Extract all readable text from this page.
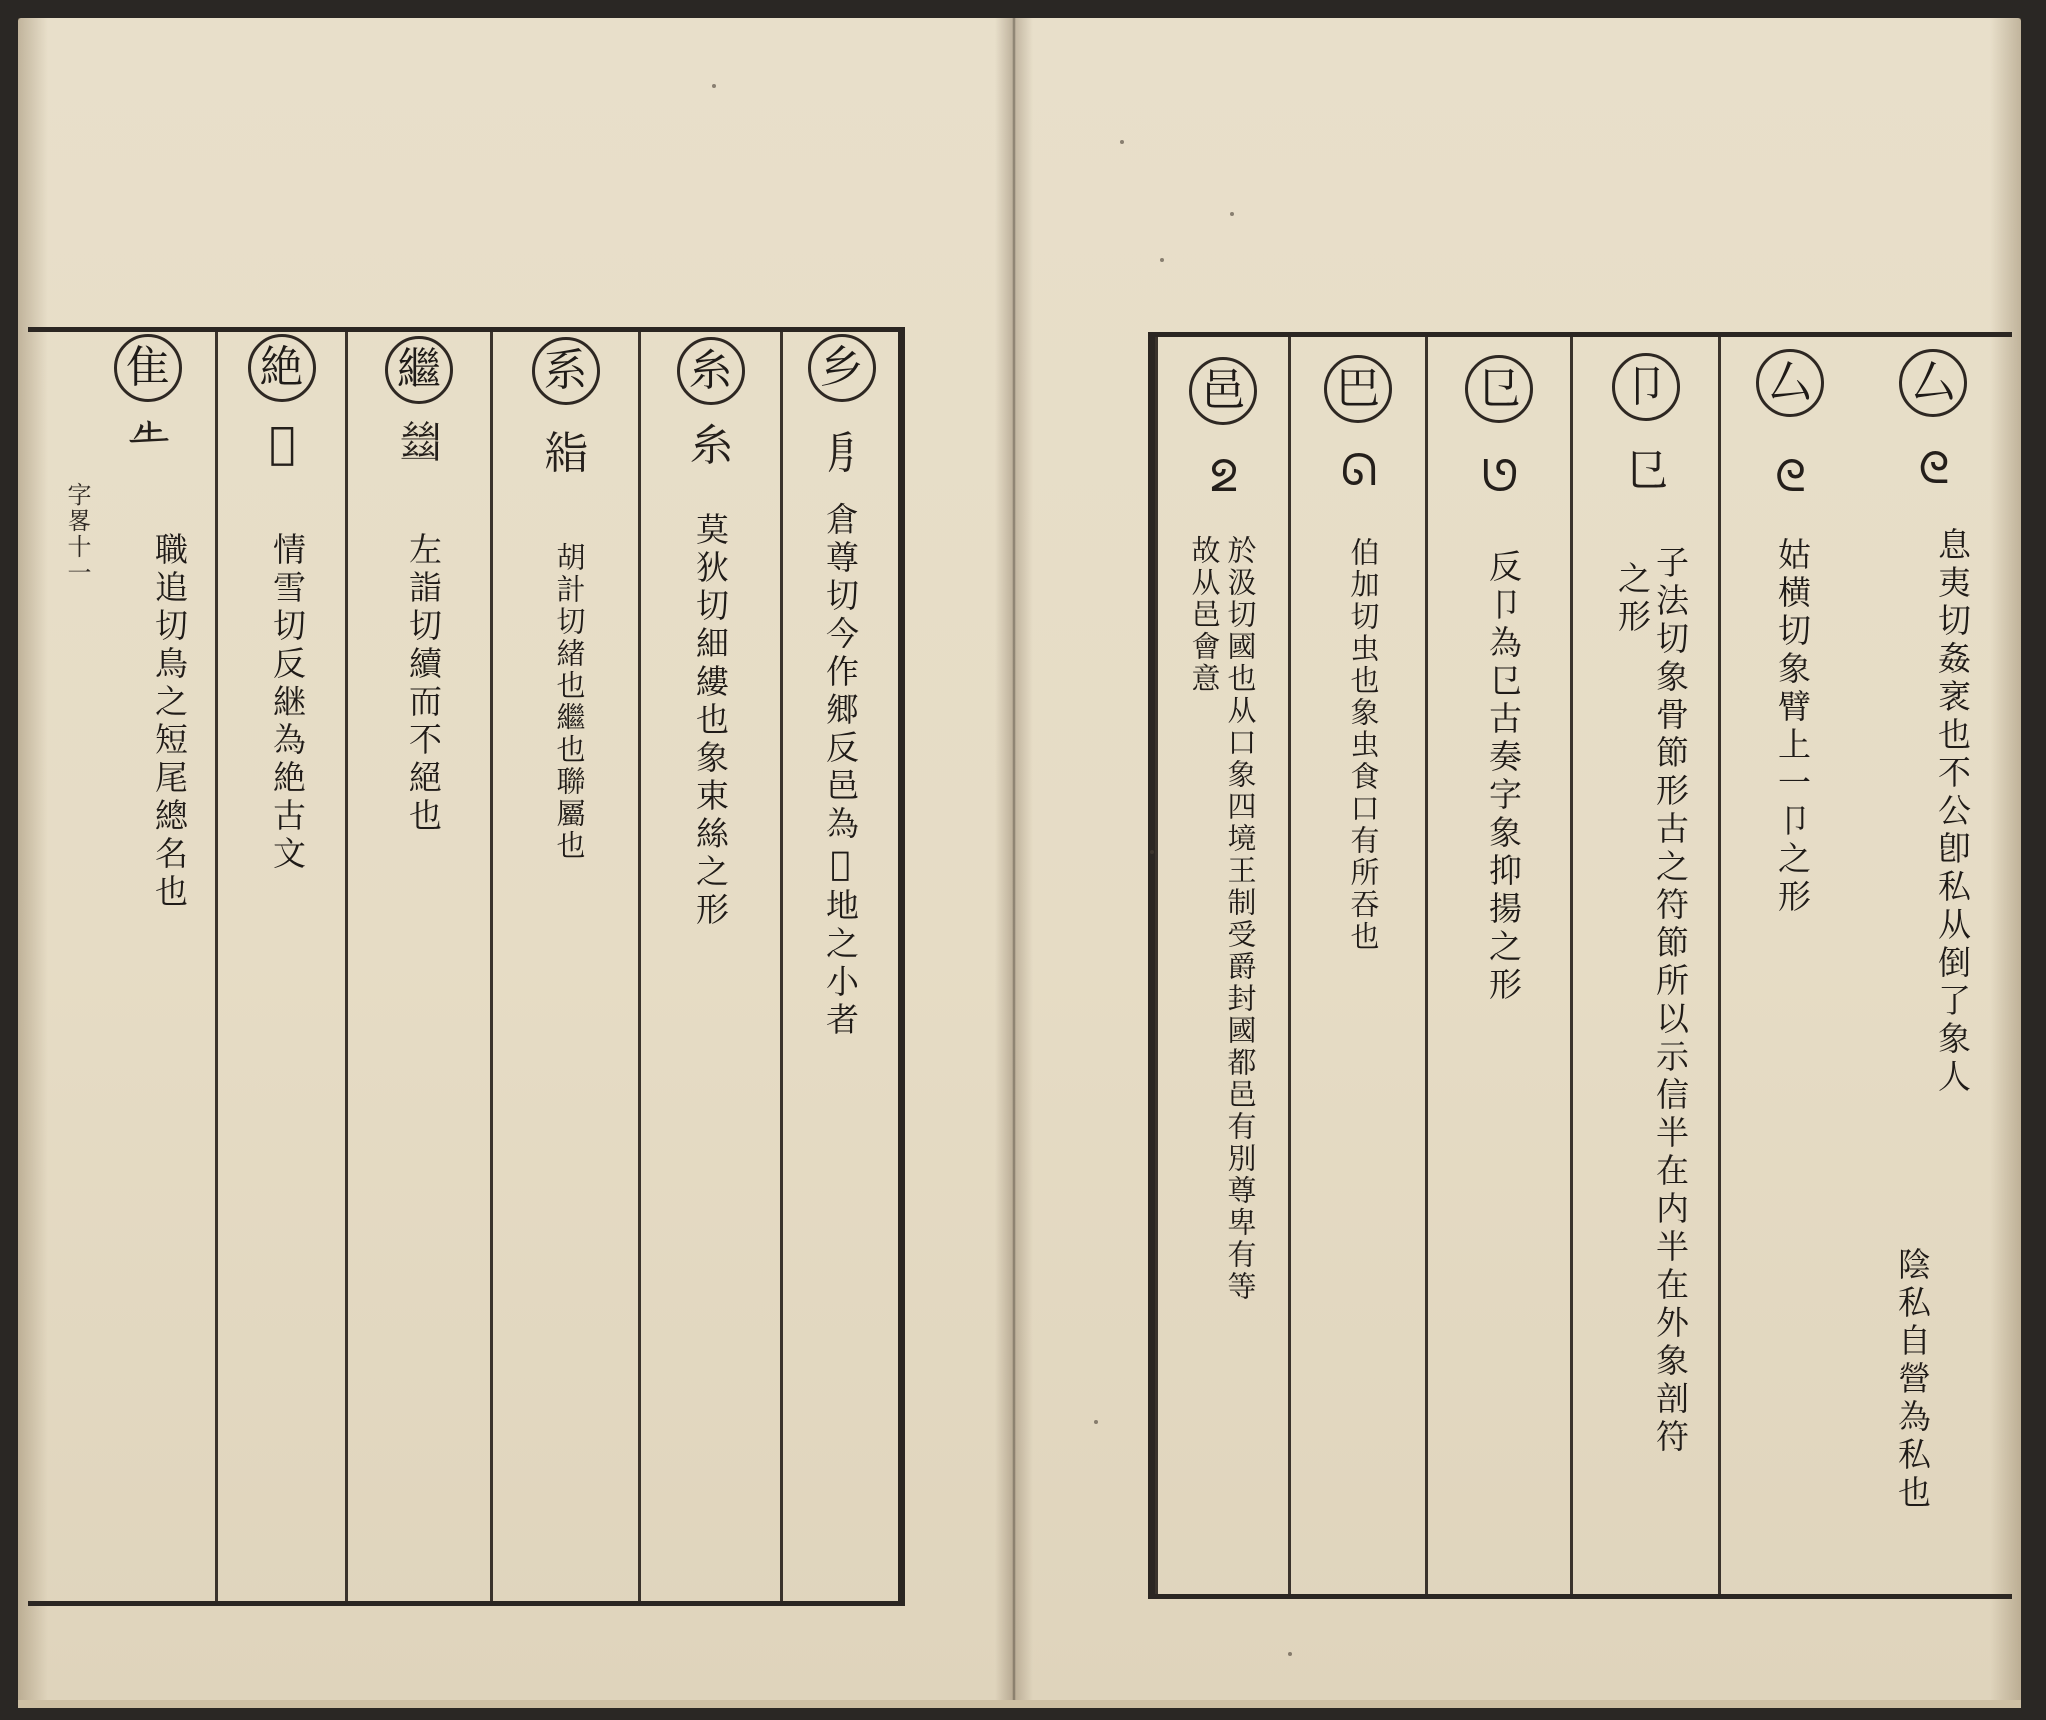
字畧十一
乡
㐆
倉尊切今作郷反邑為𨛜地之小者
糸
糸
莫狄切細縷也象束絲之形
系
𥿻
胡計切緒也繼也聯屬也
繼
𢇍
左詣切續而不絕也
絶
𠁀
情雪切反継為絶古文
隹
𠂒
職追切鳥之短尾總名也
厶
ᘓ
息夷切姦衺也不公卽私从倒了象人
陰私自營為私也
厶
ᘓ
姑横切象臂上一卩之形
卩
㔾
子法切象骨節形古之符節所以示信半在内半在外象剖符
之形
㔾
ᘎ
反卩為㔾古奏字象抑揚之形
巴
ᘏ
伯加切虫也象虫食口有所吞也
邑
ᘖ
於汲切國也从口象四境王制受爵封國都邑有別尊卑有等
故从邑會意
